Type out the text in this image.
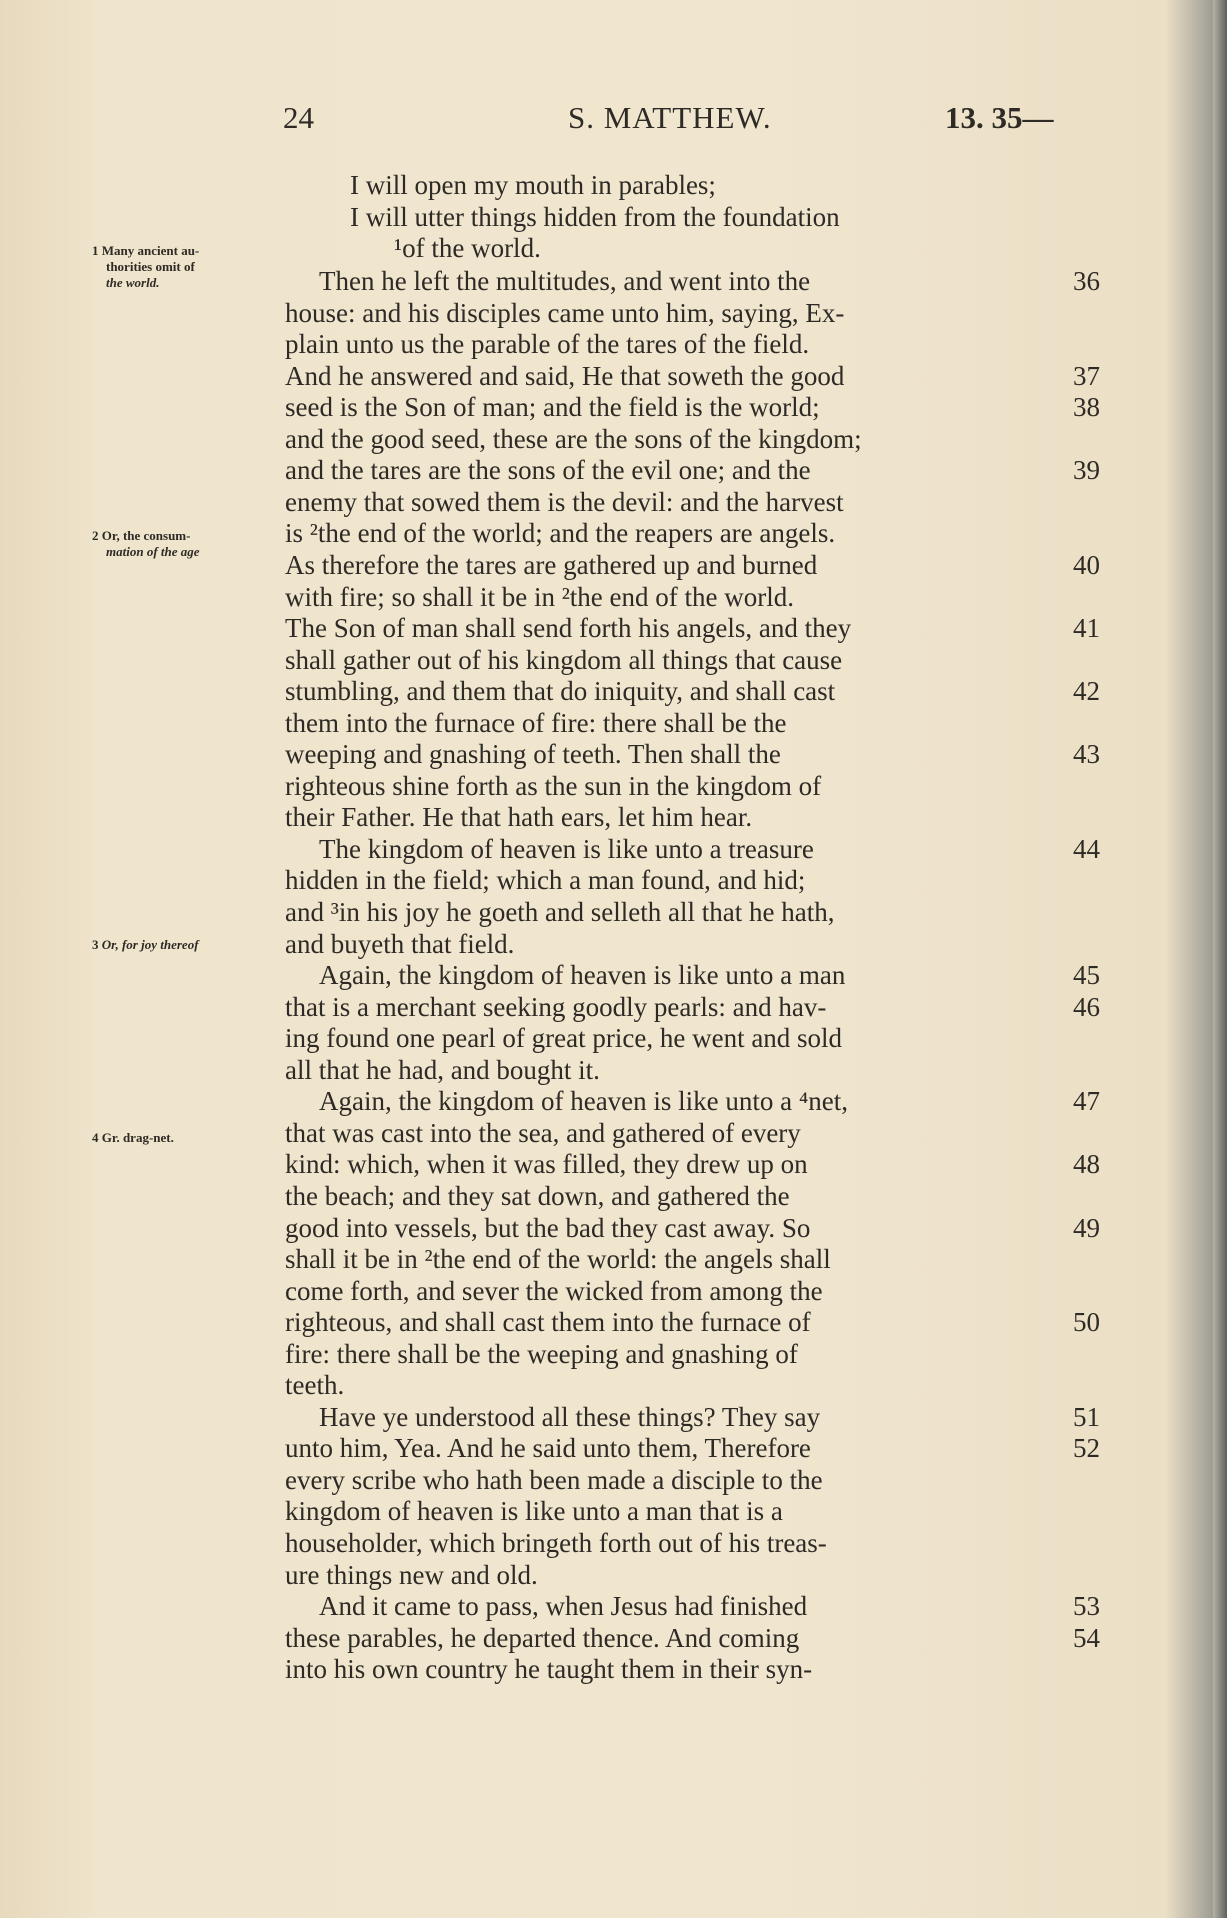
24	S. MATTHEW.	13. 35—
1 Many ancient au-
thorities omit of
the world.
2 Or, the consum-
mation of the age
3 Or, for joy thereof
4 Gr. drag-net.
I will open my mouth in parables;
I will utter things hidden from the foundation
¹of the world.
Then he left the multitudes, and went into the	36
house: and his disciples came unto him, saying, Ex-
plain unto us the parable of the tares of the field.
And he answered and said, He that soweth the good	37
seed is the Son of man; and the field is the world;	38
and the good seed, these are the sons of the kingdom;
and the tares are the sons of the evil one; and the	39
enemy that sowed them is the devil: and the harvest
is ²the end of the world; and the reapers are angels.
As therefore the tares are gathered up and burned	40
with fire; so shall it be in ²the end of the world.
The Son of man shall send forth his angels, and they	41
shall gather out of his kingdom all things that cause
stumbling, and them that do iniquity, and shall cast	42
them into the furnace of fire: there shall be the
weeping and gnashing of teeth. Then shall the	43
righteous shine forth as the sun in the kingdom of
their Father. He that hath ears, let him hear.
The kingdom of heaven is like unto a treasure	44
hidden in the field; which a man found, and hid;
and ³in his joy he goeth and selleth all that he hath,
and buyeth that field.
Again, the kingdom of heaven is like unto a man	45
that is a merchant seeking goodly pearls: and hav-	46
ing found one pearl of great price, he went and sold
all that he had, and bought it.
Again, the kingdom of heaven is like unto a ⁴net,	47
that was cast into the sea, and gathered of every
kind: which, when it was filled, they drew up on	48
the beach; and they sat down, and gathered the
good into vessels, but the bad they cast away. So	49
shall it be in ²the end of the world: the angels shall
come forth, and sever the wicked from among the
righteous, and shall cast them into the furnace of	50
fire: there shall be the weeping and gnashing of
teeth.
Have ye understood all these things? They say	51
unto him, Yea. And he said unto them, Therefore	52
every scribe who hath been made a disciple to the
kingdom of heaven is like unto a man that is a
householder, which bringeth forth out of his treas-
ure things new and old.
And it came to pass, when Jesus had finished	53
these parables, he departed thence. And coming	54
into his own country he taught them in their syn-
